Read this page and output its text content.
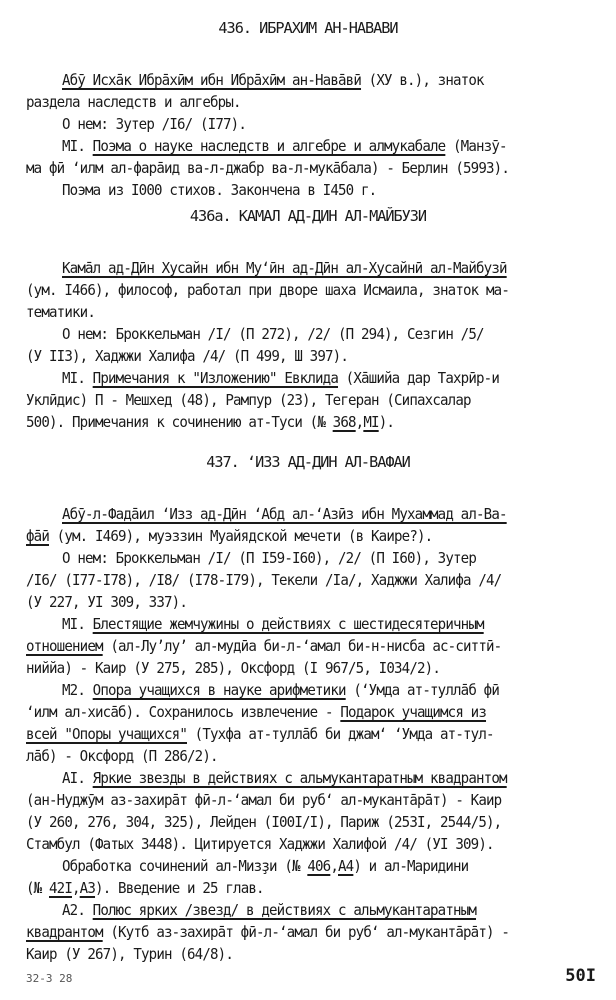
436. ИБРАХИМ АН-НАВАВИ
436а. КАМАЛ АД-ДИН АЛ-МАЙБУЗИ
437. ʻИЗЗ АД-ДИН АЛ-ВАФАИ
Абӯ Исха̄к Ибра̄хӣм ибн Ибра̄хӣм ан-Нава̄вӣ (ХУ в.), знаток
раздела наследств и алгебры.
О нем: Зутер /I6/ (I77).
МI. Поэма о науке наследств и алгебре и алмукабале (Манзӯ-
ма фӣ ʻилм ал-фара̄ид ва-л-джабр ва-л-мука̄бала) - Берлин (5993).
Поэма из I000 стихов. Закончена в I450 г.
Кама̄л ад-Дӣн Хусайн ибн Муʻӣн ад-Дӣн ал-Хусайнӣ ал-Майбузӣ
(ум. I466), философ, работал при дворе шаха Исмаила, знаток ма-
тематики.
О нем: Броккельман /I/ (П 272), /2/ (П 294), Сезгин /5/
(У II3), Хаджжи Халифа /4/ (П 499, Ш 397).
МI. Примечания к "Изложению" Евклида (Ха̄шийа дар Тахрӣр-и
Уклӣдис) П - Мешхед (48), Рампур (23), Тегеран (Сипахсалар
500). Примечания к сочинению ат-Туси (№ 368,МI).
Абӯ-л-Фада̄ил ʻИзз ад-Дӣн ʻАбд ал-ʻАзӣз ибн Мухаммад ал-Ва-
фа̄ӣ (ум. I469), муэззин Муайядской мечети (в Каире?).
О нем: Броккельман /I/ (П I59-I60), /2/ (П I60), Зутер
/I6/ (I77-I78), /I8/ (I78-I79), Текели /Iа/, Хаджжи Халифа /4/
(У 227, УI 309, 337).
МI. Блестящие жемчужины о действиях с шестидесятеричным
отношением (ал-Луʼлуʼ ал-мудӣа би-л-ʻамал би-н-нисба ас-ситтӣ-
ниййа) - Каир (У 275, 285), Оксфорд (I 967/5, I034/2).
М2. Опора учащихся в науке арифметики (ʻУмда ат-тулла̄б фӣ
ʻилм ал-хиса̄б). Сохранилось извлечение - Подарок учащимся из
всей "Опоры учащихся" (Тухфа ат-тулла̄б би джамʻ ʻУмда ат-тул-
ла̄б) - Оксфорд (П 286/2).
АI. Яркие звезды в действиях с альмукантаратным квадрантом
(ан-Нуджӯм аз-захира̄т фӣ-л-ʻамал би рубʻ ал-муканта̄ра̄т) - Каир
(У 260, 276, 304, 325), Лейден (I00I/I), Париж (253I, 2544/5),
Стамбул (Фатых 3448). Цитируется Хаджжи Халифой /4/ (УI 309).
Обработка сочинений ал-Мизҙи (№ 406,А4) и ал-Маридини
(№ 42I,А3). Введение и 25 глав.
А2. Полюс ярких /звезд/ в действиях с альмукантаратным
квадрантом (Кутб аз-захира̄т фӣ-л-ʻамал би рубʻ ал-муканта̄ра̄т) -
Каир (У 267), Турин (64/8).
32-3 28	50I
